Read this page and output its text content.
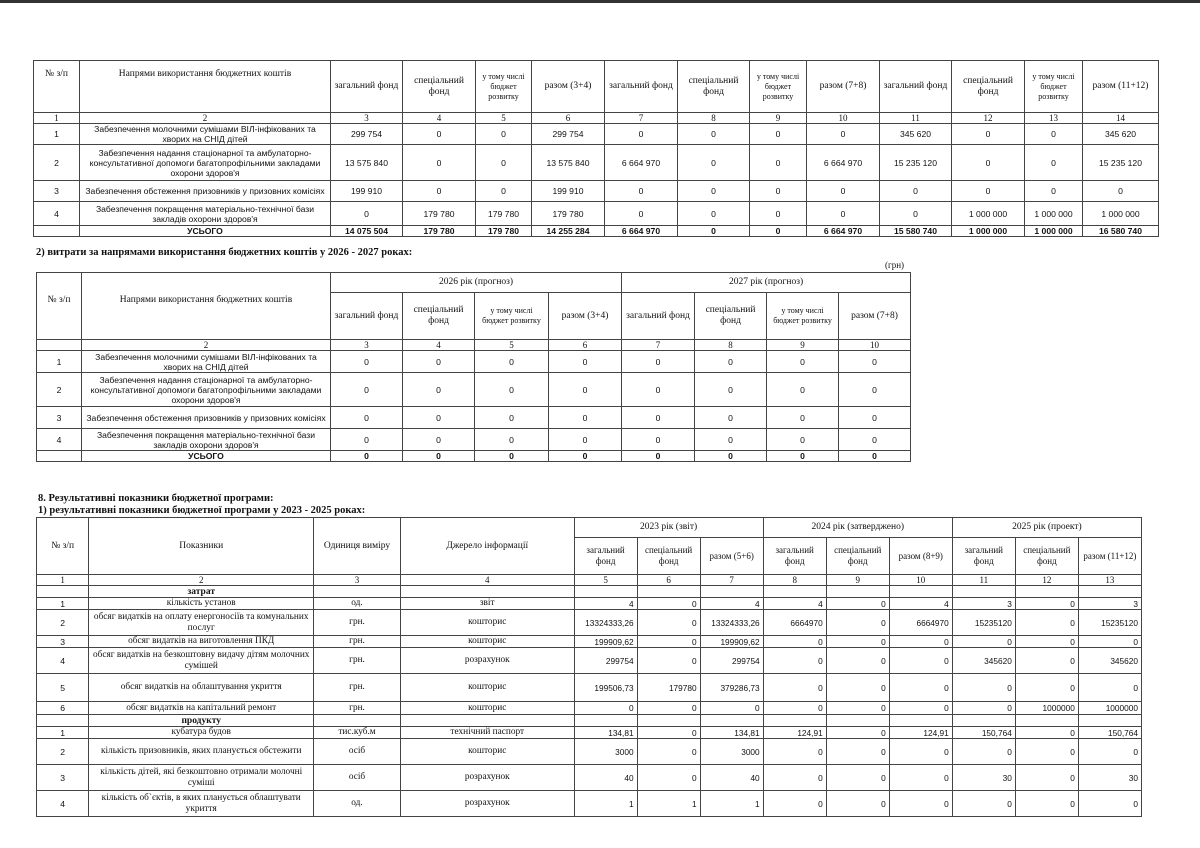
№ з/п	Напрями використання бюджетних коштів	загальний фонд	спеціальний фонд	у тому числі бюджет розвитку	разом (3+4)	загальний фонд	спеціальний фонд	у тому числі бюджет розвитку	разом (7+8)	загальний фонд	спеціальний фонд	у тому числі бюджет розвитку	разом (11+12)
1	2	3	4	5	6	7	8	9	10	11	12	13	14
1	Забезпечення молочними сумішами ВІЛ-інфікованих та хворих на СНІД дітей	299 754	0	0	299 754	0	0	0	0	345 620	0	0	345 620
2	Забезпечення надання стаціонарної та амбулаторно-консультативної допомоги багатопрофільними закладами охорони здоров'я	13 575 840	0	0	13 575 840	6 664 970	0	0	6 664 970	15 235 120	0	0	15 235 120
3	Забезпечення обстеження призовників у призовних комісіях	199 910	0	0	199 910	0	0	0	0	0	0	0	0
4	Забезпечення покращення матеріально-технічної бази закладів охорони здоров'я	0	179 780	179 780	179 780	0	0	0	0	0	1 000 000	1 000 000	1 000 000
	УСЬОГО	14 075 504	179 780	179 780	14 255 284	6 664 970	0	0	6 664 970	15 580 740	1 000 000	1 000 000	16 580 740
2) витрати за напрямами використання бюджетних коштів у 2026 - 2027 роках:
(грн)
№ з/п	Напрями використання бюджетних коштів	2026 рік (прогноз)				2027 рік (прогноз)			
		загальний фонд	спеціальний фонд	у тому числі бюджет розвитку	разом (3+4)	загальний фонд	спеціальний фонд	у тому числі бюджет розвитку	разом (7+8)
	2	3	4	5	6	7	8	9	10
1	Забезпечення молочними сумішами ВІЛ-інфікованих та хворих на СНІД дітей	0	0	0	0	0	0	0	0
2	Забезпечення надання стаціонарної та амбулаторно-консультативної допомоги багатопрофільними закладами охорони здоров'я	0	0	0	0	0	0	0	0
3	Забезпечення обстеження призовників у призовних комісіях	0	0	0	0	0	0	0	0
4	Забезпечення покращення матеріально-технічної бази закладів охорони здоров'я	0	0	0	0	0	0	0	0
	УСЬОГО	0	0	0	0	0	0	0	0
8. Результативні показники бюджетної програми:
1) результативні показники бюджетної програми у 2023 - 2025 роках:
№ з/п	Показники	Одиниця виміру	Джерело інформації	2023 рік (звіт)			2024 рік (затверджено)			2025 рік (проект)		
				загальний фонд	спеціальний фонд	разом (5+6)	загальний фонд	спеціальний фонд	разом (8+9)	загальний фонд	спеціальний фонд	разом (11+12)
1	2	3	4	5	6	7	8	9	10	11	12	13
	затрат											
1	кількість установ	од.	звіт	4	0	4	4	0	4	3	0	3
2	обсяг видатків на оплату енергоносіїв та комунальних послуг	грн.	кошторис	13324333,26	0	13324333,26	6664970	0	6664970	15235120	0	15235120
3	обсяг видатків на виготовлення ПКД	грн.	кошторис	199909,62	0	199909,62	0	0	0	0	0	0
4	обсяг видатків на безкоштовну видачу дітям молочних сумішей	грн.	розрахунок	299754	0	299754	0	0	0	345620	0	345620
5	обсяг видатків на облаштування укриття	грн.	кошторис	199506,73	179780	379286,73	0	0	0	0	0	0
6	обсяг видатків на капітальний ремонт	грн.	кошторис	0	0	0	0	0	0	0	1000000	1000000
	продукту											
1	кубатура будов	тис.куб.м	технічний паспорт	134,81	0	134,81	124,91	0	124,91	150,764	0	150,764
2	кількість призовників, яких планується обстежити	осіб	кошторис	3000	0	3000	0	0	0	0	0	0
3	кількість дітей, які безкоштовно отримали молочні суміші	осіб	розрахунок	40	0	40	0	0	0	30	0	30
4	кількість об`єктів, в яких планується облаштувати укриття	од.	розрахунок	1	1	1	0	0	0	0	0	0
